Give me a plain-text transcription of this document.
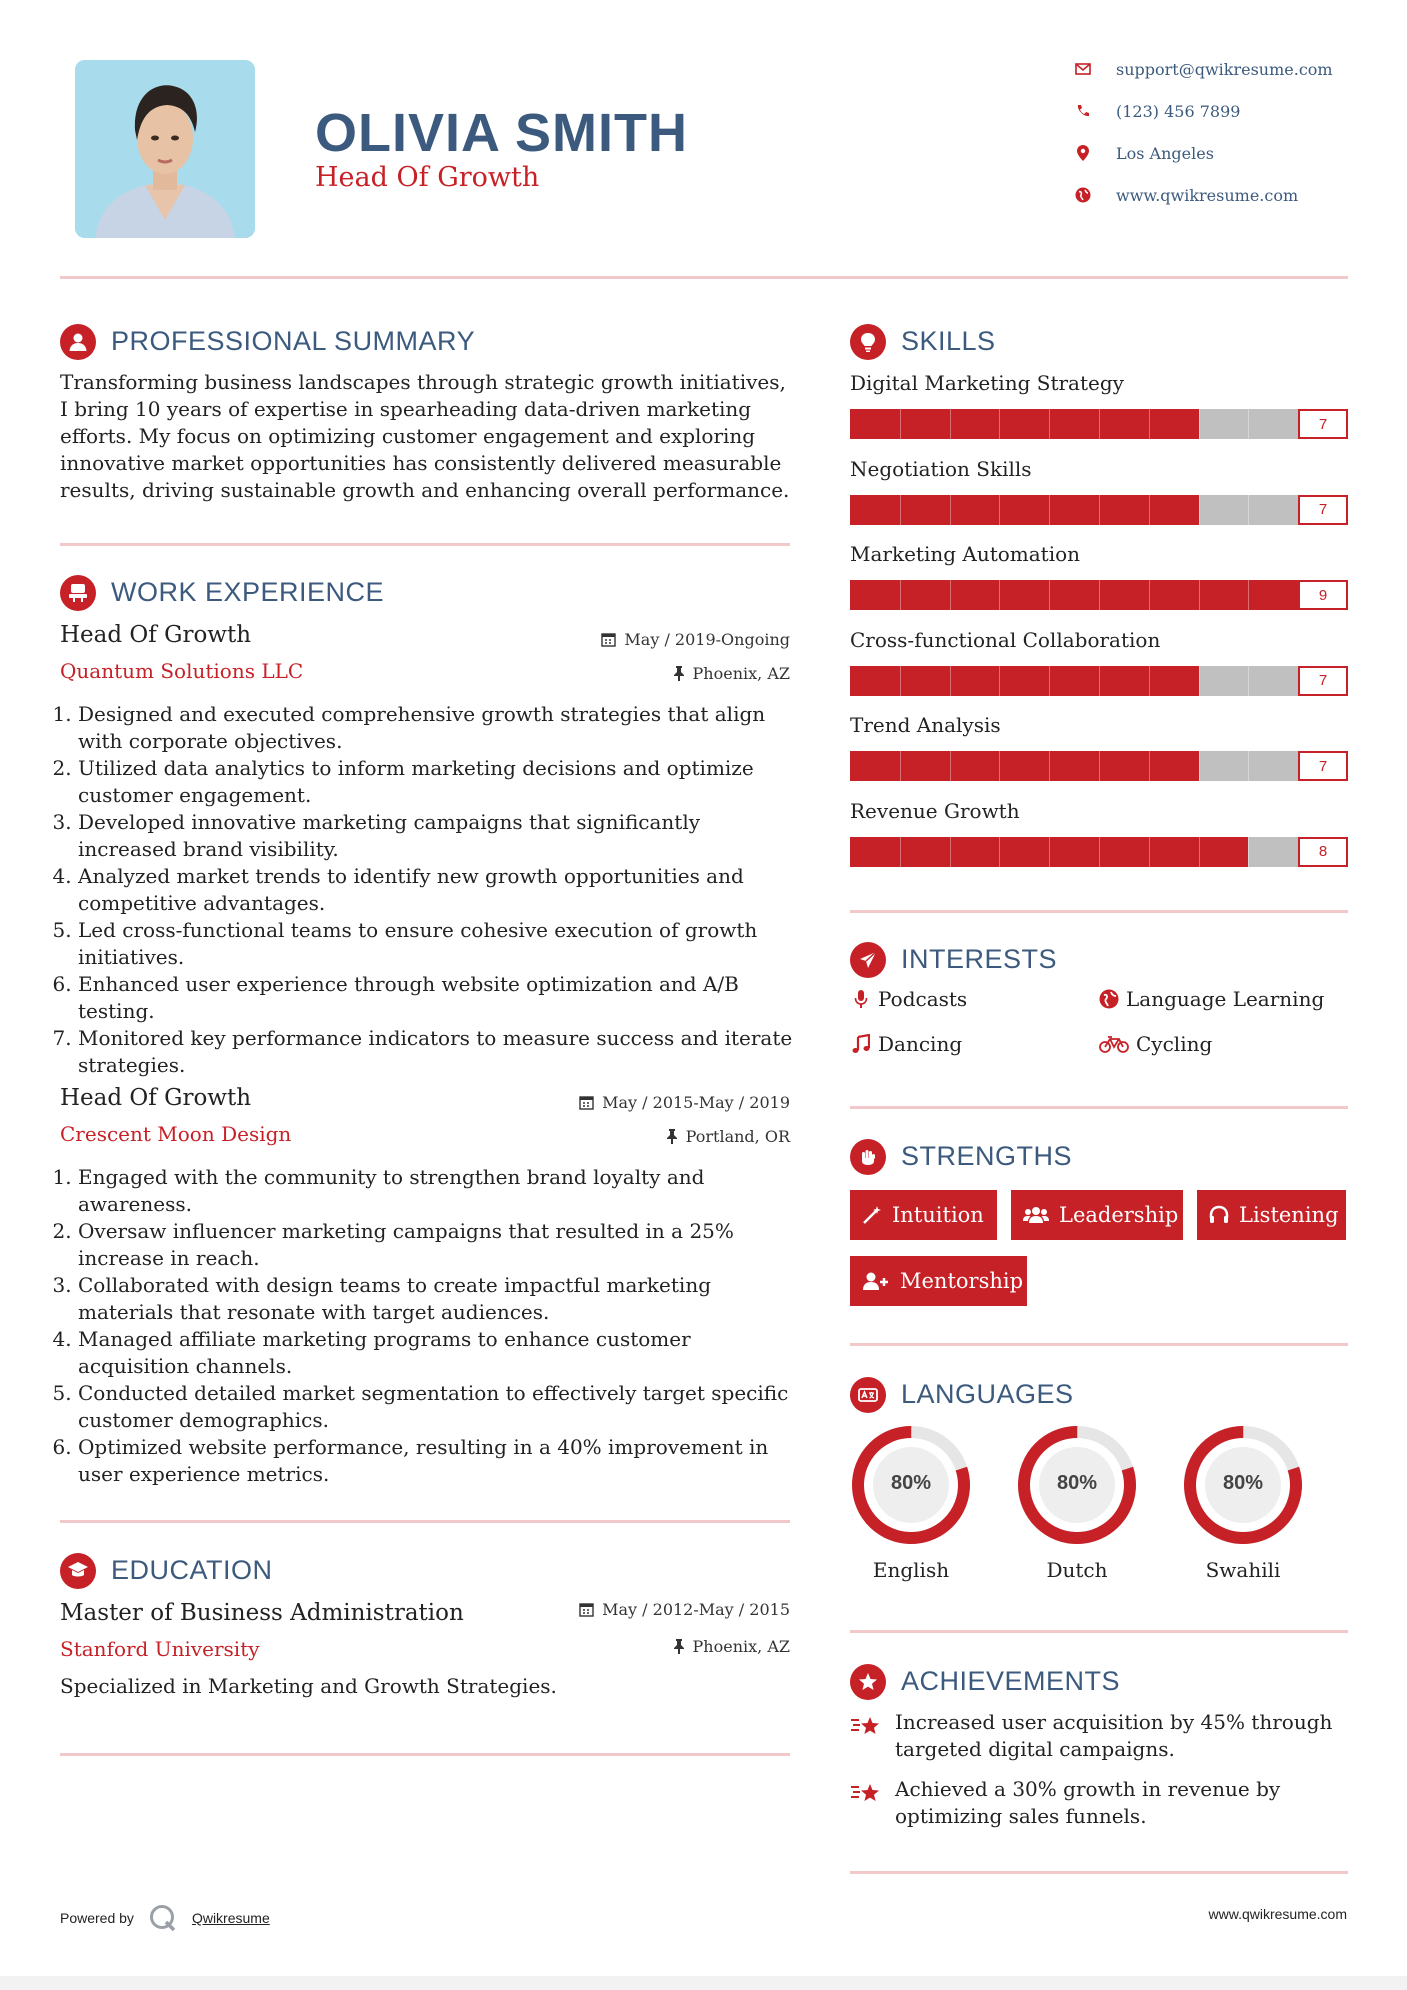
OLIVIA SMITH
Head Of Growth
support@qwikresume.com
(123) 456 7899
Los Angeles
www.qwikresume.com
PROFESSIONAL SUMMARY
Transforming business landscapes through strategic growth initiatives, I bring 10 years of expertise in spearheading data-driven marketing efforts. My focus on optimizing customer engagement and exploring innovative market opportunities has consistently delivered measurable results, driving sustainable growth and enhancing overall performance.
WORK EXPERIENCE
Head Of Growth
Quantum Solutions LLC
May / 2019-Ongoing
Phoenix, AZ
1. Designed and executed comprehensive growth strategies that align with corporate objectives.
2. Utilized data analytics to inform marketing decisions and optimize customer engagement.
3. Developed innovative marketing campaigns that significantly increased brand visibility.
4. Analyzed market trends to identify new growth opportunities and competitive advantages.
5. Led cross-functional teams to ensure cohesive execution of growth initiatives.
6. Enhanced user experience through website optimization and A/B testing.
7. Monitored key performance indicators to measure success and iterate strategies.
Head Of Growth
Crescent Moon Design
May / 2015-May / 2019
Portland, OR
1. Engaged with the community to strengthen brand loyalty and awareness.
2. Oversaw influencer marketing campaigns that resulted in a 25% increase in reach.
3. Collaborated with design teams to create impactful marketing materials that resonate with target audiences.
4. Managed affiliate marketing programs to enhance customer acquisition channels.
5. Conducted detailed market segmentation to effectively target specific customer demographics.
6. Optimized website performance, resulting in a 40% improvement in user experience metrics.
EDUCATION
Master of Business Administration
Stanford University
May / 2012-May / 2015
Phoenix, AZ
Specialized in Marketing and Growth Strategies.
SKILLS
Digital Marketing Strategy
7
Negotiation Skills
7
Marketing Automation
9
Cross-functional Collaboration
7
Trend Analysis
7
Revenue Growth
8
INTERESTS
Podcasts	Language Learning
Dancing	Cycling
STRENGTHS
Intuition	Leadership	Listening
Mentorship
LANGUAGES
80%
English
80%
Dutch
80%
Swahili
ACHIEVEMENTS
Increased user acquisition by 45% through targeted digital campaigns.
Achieved a 30% growth in revenue by optimizing sales funnels.
Powered by	Qwikresume	www.qwikresume.com
